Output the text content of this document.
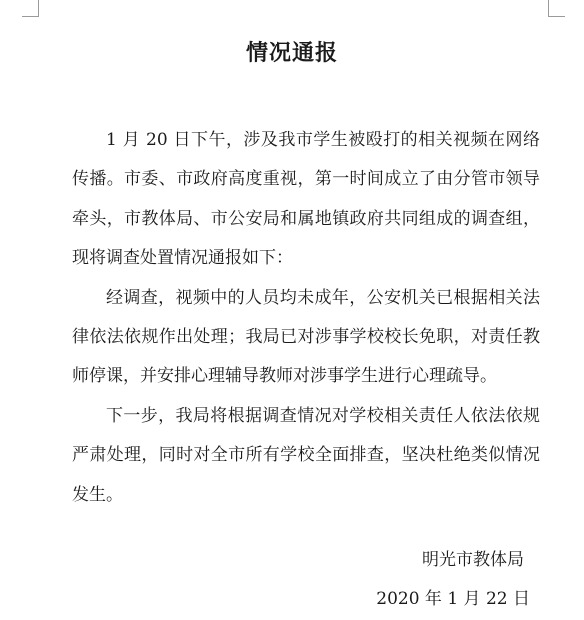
情况通报

1 月 20 日下午，涉及我市学生被殴打的相关视频在网络传播。市委、市政府高度重视，第一时间成立了由分管市领导牵头，市教体局、市公安局和属地镇政府共同组成的调查组，现将调查处置情况通报如下：

经调查，视频中的人员均未成年，公安机关已根据相关法律依法依规作出处理；我局已对涉事学校校长免职，对责任教师停课，并安排心理辅导教师对涉事学生进行心理疏导。

下一步，我局将根据调查情况对学校相关责任人依法依规严肃处理，同时对全市所有学校全面排查，坚决杜绝类似情况发生。

明光市教体局
2020 年 1 月 22 日
